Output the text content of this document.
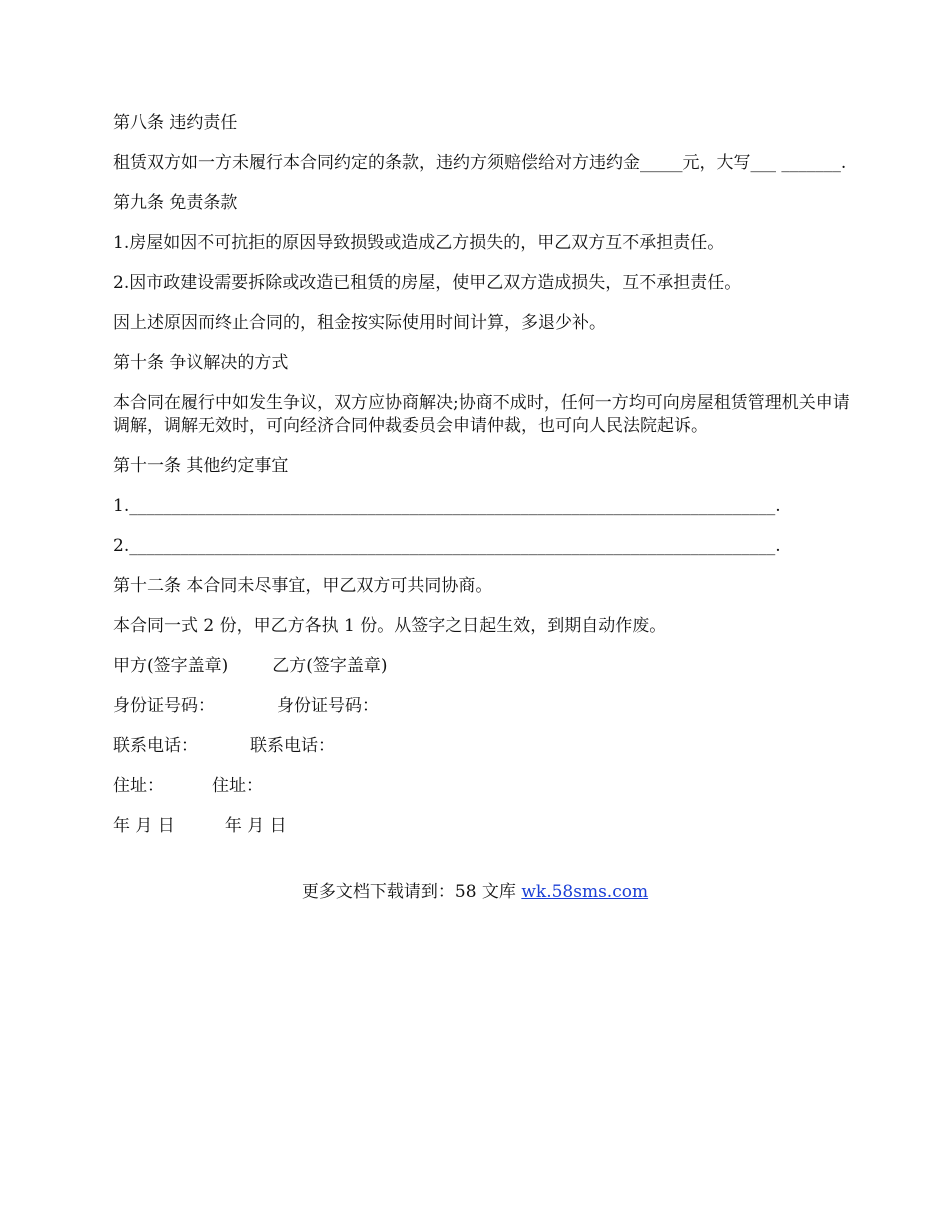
第八条 违约责任

租赁双方如一方未履行本合同约定的条款，违约方须赔偿给对方违约金_____元，大写___ _______.

第九条 免责条款

1.房屋如因不可抗拒的原因导致损毁或造成乙方损失的，甲乙双方互不承担责任。

2.因市政建设需要拆除或改造已租赁的房屋，使甲乙双方造成损失，互不承担责任。

因上述原因而终止合同的，租金按实际使用时间计算，多退少补。

第十条 争议解决的方式

本合同在履行中如发生争议，双方应协商解决;协商不成时，任何一方均可向房屋租赁管理机关申请调解，调解无效时，可向经济合同仲裁委员会申请仲裁，也可向人民法院起诉。

第十一条 其他约定事宜

1.____________________________________________________________________________.

2.____________________________________________________________________________.

第十二条 本合同未尽事宜，甲乙双方可共同协商。

本合同一式 2 份，甲乙方各执 1 份。从签字之日起生效，到期自动作废。

甲方(签字盖章)	乙方(签字盖章)
身份证号码：	身份证号码：
联系电话：	联系电话：
住址：	住址：
年 月 日	年 月 日
更多文档下载请到：58 文库 wk.58sms.com
